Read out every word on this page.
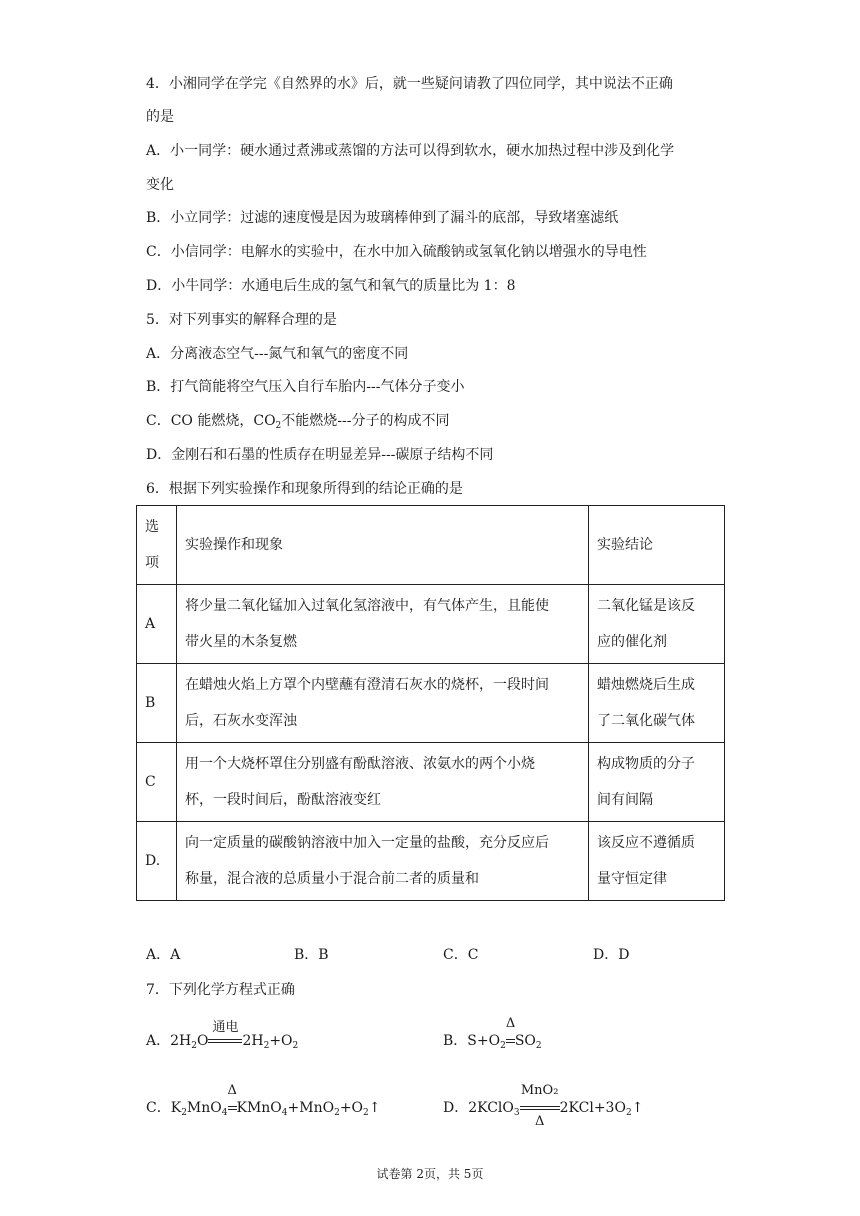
4．小湘同学在学完《自然界的水》后，就一些疑问请教了四位同学，其中说法不正确
的是
A．小一同学：硬水通过煮沸或蒸馏的方法可以得到软水，硬水加热过程中涉及到化学
变化
B．小立同学：过滤的速度慢是因为玻璃棒伸到了漏斗的底部，导致堵塞滤纸
C．小信同学：电解水的实验中，在水中加入硫酸钠或氢氧化钠以增强水的导电性
D．小牛同学：水通电后生成的氢气和氧气的质量比为 1：8
5．对下列事实的解释合理的是
A．分离液态空气---氮气和氧气的密度不同
B．打气筒能将空气压入自行车胎内---气体分子变小
C．CO 能燃烧，$CO_2$不能燃烧---分子的构成不同
D．金刚石和石墨的性质存在明显差异---碳原子结构不同
6．根据下列实验操作和现象所得到的结论正确的是
选
项	实验操作和现象	实验结论
A	将少量二氧化锰加入过氧化氢溶液中，有气体产生，且能使
带火星的木条复燃	二氧化锰是该反
应的催化剂
B	在蜡烛火焰上方罩个内壁蘸有澄清石灰水的烧杯，一段时间
后，石灰水变浑浊	蜡烛燃烧后生成
了二氧化碳气体
C	用一个大烧杯罩住分别盛有酚酞溶液、浓氨水的两个小烧
杯，一段时间后，酚酞溶液变红	构成物质的分子
间有间隔
D.	向一定质量的碳酸钠溶液中加入一定量的盐酸，充分反应后
称量，混合液的总质量小于混合前二者的质量和	该反应不遵循质
量守恒定律
A．A	B．B	C．C	D．D
7．下列化学方程式正确
A．$2H_2O$
通电
$2H_2+O_2$	B．$S+O_2$
Δ
$SO_2$
C．$K_2MnO_4$
Δ
$KMnO_4+MnO_2+O_2↑$	D．2KClO$_3$
MnO₂
Δ
$2KCl+3O_2↑$
试卷第 2页，共 5页
